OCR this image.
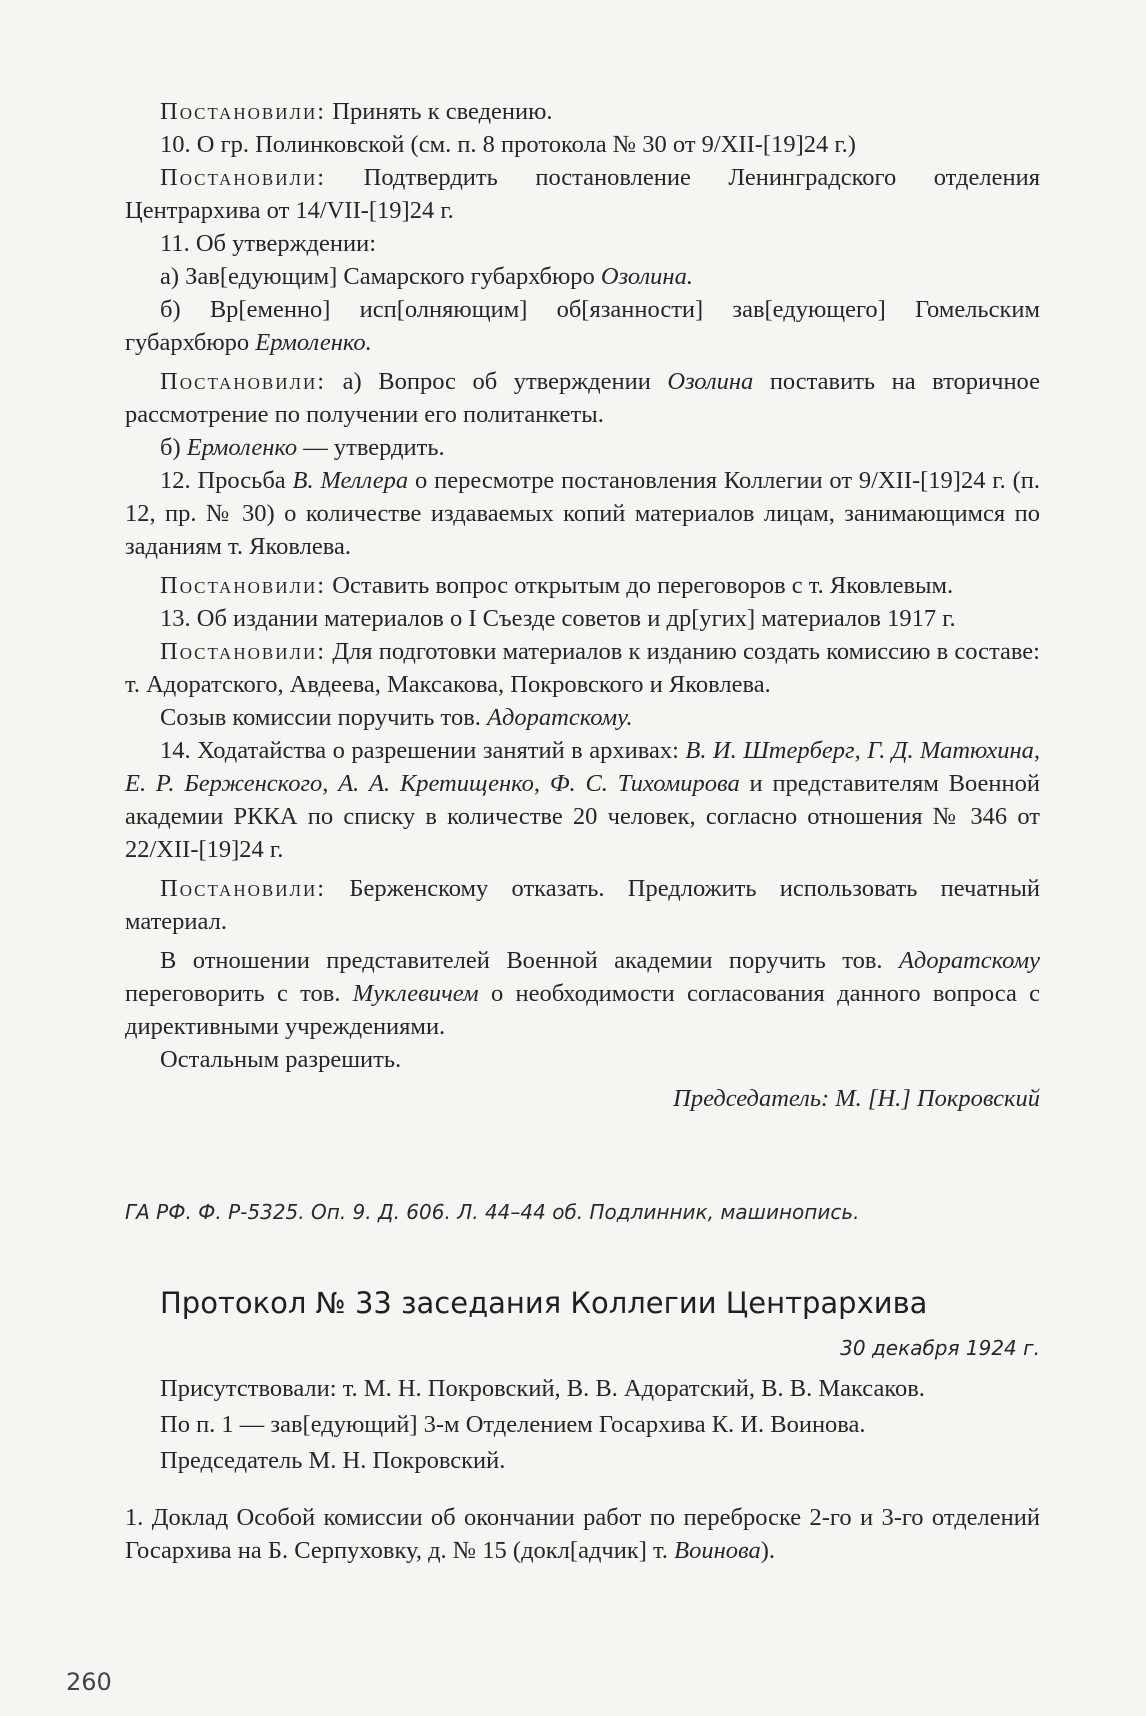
Постановили: Принять к сведению.

10. О гр. Полинковской (см. п. 8 протокола № 30 от 9/XII-[19]24 г.)

Постановили: Подтвердить постановление Ленинградского отделения Центрархива от 14/VII-[19]24 г.

11. Об утверждении:

а) Зав[едующим] Самарского губархбюро Озолина.

б) Вр[еменно] исп[олняющим] об[язанности] зав[едующего] Гомельским губархбюро Ермоленко.

Постановили: а) Вопрос об утверждении Озолина поставить на вторичное рассмотрение по получении его политанкеты.

б) Ермоленко — утвердить.

12. Просьба В. Меллера о пересмотре постановления Коллегии от 9/XII-[19]24 г. (п. 12, пр. № 30) о количестве издаваемых копий материалов лицам, занимающимся по заданиям т. Яковлева.

Постановили: Оставить вопрос открытым до переговоров с т. Яковлевым.

13. Об издании материалов о I Съезде советов и др[угих] материалов 1917 г.

Постановили: Для подготовки материалов к изданию создать комиссию в составе: т. Адоратского, Авдеева, Максакова, Покровского и Яковлева.

Созыв комиссии поручить тов. Адоратскому.

14. Ходатайства о разрешении занятий в архивах: В. И. Штерберг, Г. Д. Матюхина, Е. Р. Берженского, А. А. Кретищенко, Ф. С. Тихомирова и представителям Военной академии РККА по списку в количестве 20 человек, согласно отношения № 346 от 22/XII-[19]24 г.

Постановили: Берженскому отказать. Предложить использовать печатный материал.

В отношении представителей Военной академии поручить тов. Адоратскому переговорить с тов. Муклевичем о необходимости согласования данного вопроса с директивными учреждениями.

Остальным разрешить.

Председатель: М. [Н.] Покровский

ГА РФ. Ф. Р-5325. Оп. 9. Д. 606. Л. 44–44 об. Подлинник, машинопись.
Протокол № 33 заседания Коллегии Центрархива
30 декабря 1924 г.

Присутствовали: т. М. Н. Покровский, В. В. Адоратский, В. В. Максаков.

По п. 1 — зав[едующий] 3-м Отделением Госархива К. И. Воинова.

Председатель М. Н. Покровский.

1. Доклад Особой комиссии об окончании работ по переброске 2-го и 3-го отделений Госархива на Б. Серпуховку, д. № 15 (докл[адчик] т. Воинова).

260
